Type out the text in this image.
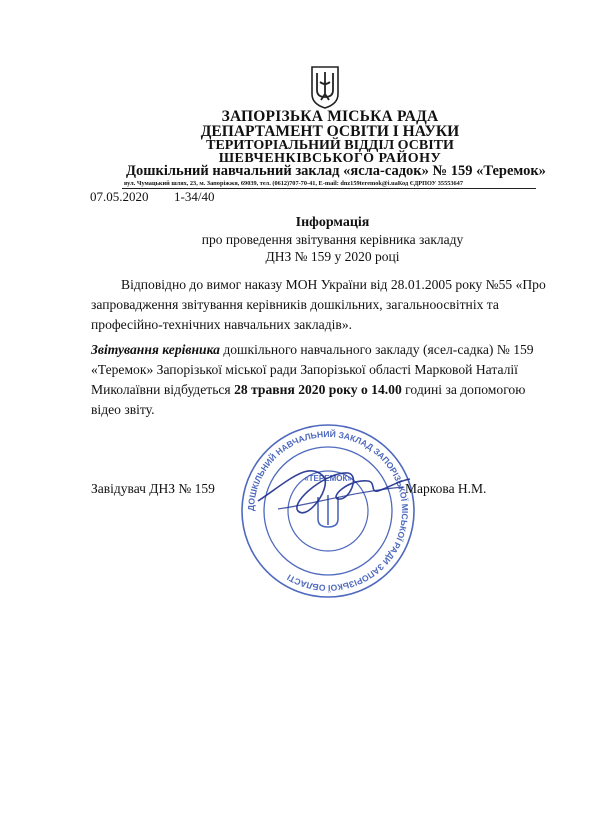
ЗАПОРІЗЬКА МІСЬКА РАДА
ДЕПАРТАМЕНТ ОСВІТИ І НАУКИ
ТЕРИТОРІАЛЬНИЙ ВІДДІЛ ОСВІТИ
ШЕВЧЕНКІВСЬКОГО РАЙОНУ
Дошкільний навчальний заклад «ясла-садок» № 159 «Теремок»
вул. Чумацький шлях, 23, м. Запоріжжя, 69039, тел. (0612)707-70-41, E-mail: dnz159teremok@i.uaКод ЄДРПОУ 35553647
07.05.2020 1-34/40
Інформація
про проведення звітування керівника закладу
ДНЗ № 159 у 2020 році
Відповідно до вимог наказу МОН України від 28.01.2005 року №55 «Про запровадження звітування керівників дошкільних, загальноосвітніх та професійно-технічних навчальних закладів».
Звітування керівника дошкільного навчального закладу (ясел-садка) № 159 «Теремок» Запорізької міської ради Запорізької області Марковой Наталії Миколаївни відбудеться 28 травня 2020 року о 14.00 годині за допомогою відео звіту.
ДОШКІЛЬНИЙ НАВЧАЛЬНИЙ ЗАКЛАД ЗАПОРІЗЬКОЇ МІСЬКОЇ РАДИ ЗАПОРІЗЬКОЇ ОБЛАСТІ
«ТЕРЕМОК»
Завідувач ДНЗ № 159	Маркова Н.М.
